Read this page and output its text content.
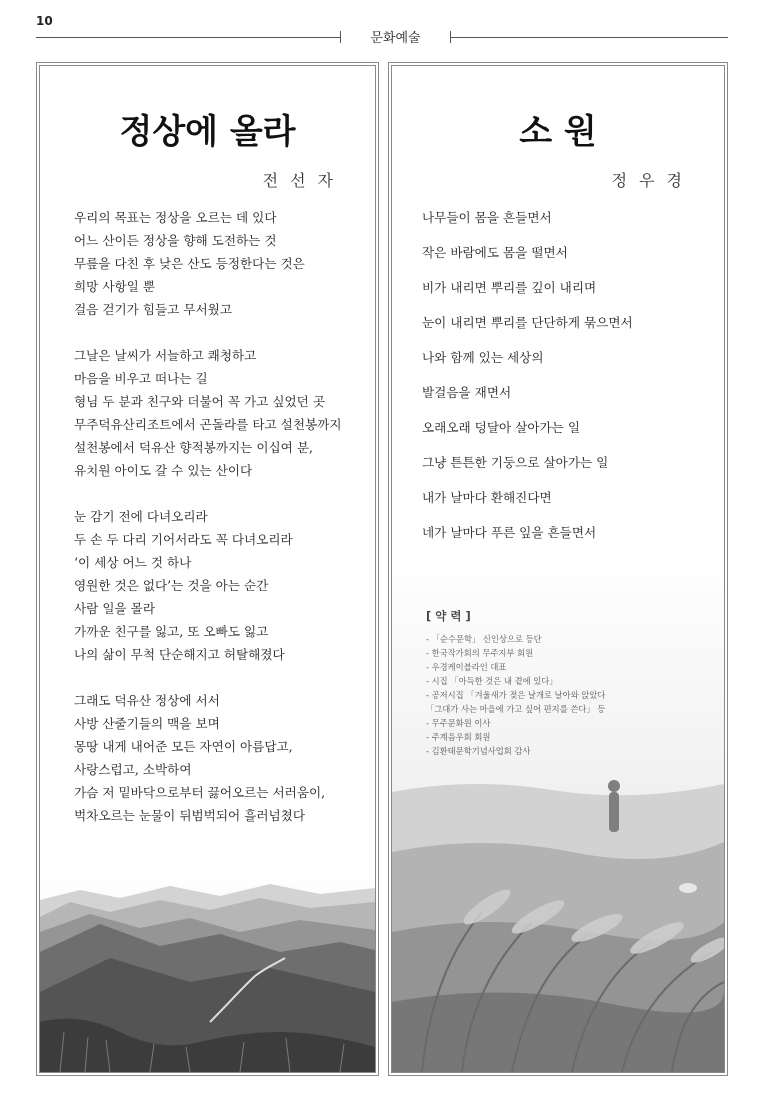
10
문화예술
정상에 올라
전선자
우리의 목표는 정상을 오르는 데 있다
어느 산이든 정상을 향해 도전하는 것
무릎을 다친 후 낮은 산도 등정한다는 것은
희망 사항일 뿐
걸음 걷기가 힘들고 무서웠고
그날은 날씨가 서늘하고 쾌청하고
마음을 비우고 떠나는 길
형님 두 분과 친구와 더불어 꼭 가고 싶었던 곳
무주덕유산리조트에서 곤돌라를 타고 설천봉까지
설천봉에서 덕유산 향적봉까지는 이십여 분,
유치원 아이도 갈 수 있는 산이다
눈 감기 전에 다녀오리라
두 손 두 다리 기어서라도 꼭 다녀오리라
‘이 세상 어느 것 하나
영원한 것은 없다’는 것을 아는 순간
사람 일을 몰라
가까운 친구를 잃고, 또 오빠도 잃고
나의 삶이 무척 단순해지고 허탈해졌다
그래도 덕유산 정상에 서서
사방 산줄기들의 맥을 보며
몽땅 내게 내어준 모든 자연이 아름답고,
사랑스럽고, 소박하여
가슴 저 밑바닥으로부터 끓어오르는 서러움이,
벅차오르는 눈물이 뒤범벅되어 흘러넘쳤다
소 원
정우경
나무들이 몸을 흔들면서
작은 바람에도 몸을 떨면서
비가 내리면 뿌리를 깊이 내리며
눈이 내리면 뿌리를 단단하게 묶으면서
나와 함께 있는 세상의
발걸음을 재면서
오래오래 덩달아 살아가는 일
그냥 튼튼한 기둥으로 살아가는 일
내가 날마다 환해진다면
네가 날마다 푸른 잎을 흔들면서
[ 약 력 ]
- 「순수문학」 신인상으로 등단
- 한국작가회의 무주지부 회원
- 우경케이블라인 대표
- 시집 「아득한 것은 내 곁에 있다」
- 공저시집 「겨울새가 젖은 날개로 날아와 앉았다
「그대가 사는 마을에 가고 싶어 편지를 쓴다」 등
- 무주문화원 이사
- 주계음우회 회원
- 김환태문학기념사업회 감사
